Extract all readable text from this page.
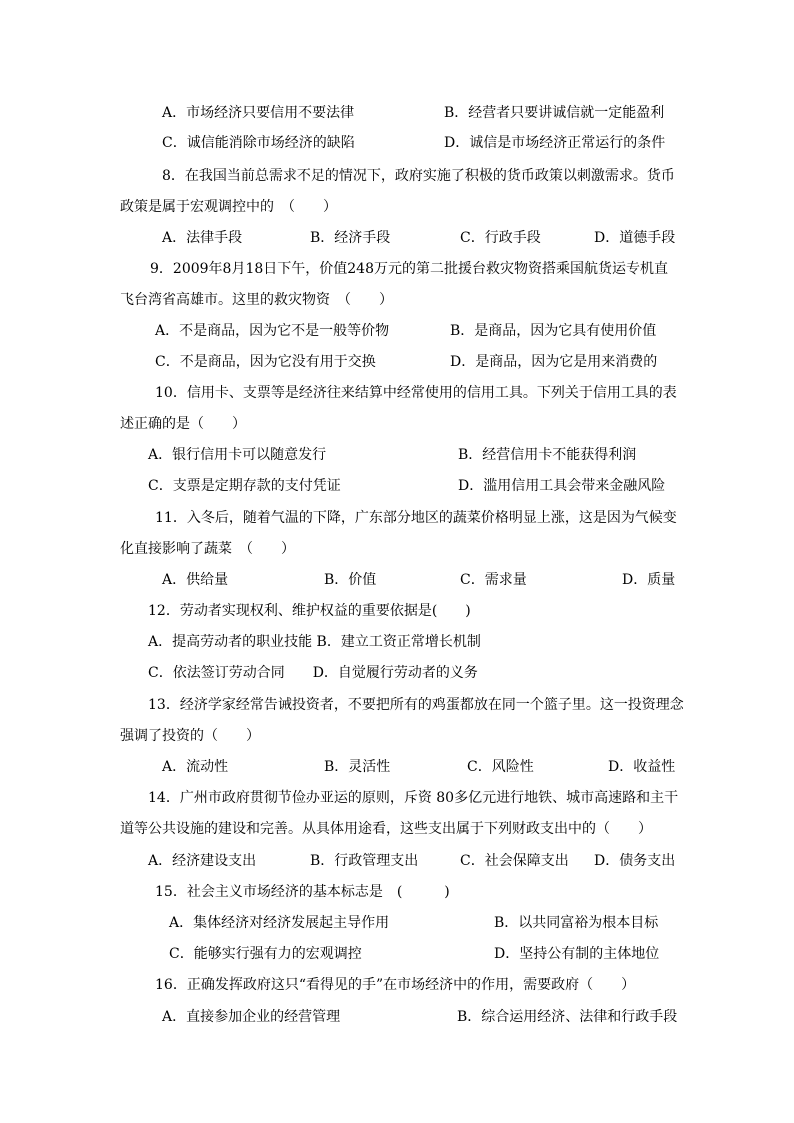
A．市场经济只要信用不要法律	B．经营者只要讲诚信就一定能盈利
C．诚信能消除市场经济的缺陷	D．诚信是市场经济正常运行的条件
8．在我国当前总需求不足的情况下，政府实施了积极的货币政策以刺激需求。货币
政策是属于宏观调控中的　（　　）
A．法律手段	B．经济手段	C．行政手段	D．道德手段
9．2009年8月18日下午，价值248万元的第二批援台救灾物资搭乘国航货运专机直
飞台湾省高雄市。这里的救灾物资　（　　）
A．不是商品，因为它不是一般等价物	B．是商品，因为它具有使用价值
C．不是商品，因为它没有用于交换	D．是商品，因为它是用来消费的
10．信用卡、支票等是经济往来结算中经常使用的信用工具。下列关于信用工具的表
述正确的是（　　）
A．银行信用卡可以随意发行	B．经营信用卡不能获得利润
C．支票是定期存款的支付凭证	D．滥用信用工具会带来金融风险
11．入冬后，随着气温的下降，广东部分地区的蔬菜价格明显上涨，这是因为气候变
化直接影响了蔬菜　（　　）
A．供给量	B．价值	C．需求量	D．质量
12．劳动者实现权利、维护权益的重要依据是(　　)
A．提高劳动者的职业技能 B．建立工资正常增长机制
C．依法签订劳动合同　　D．自觉履行劳动者的义务
13．经济学家经常告诫投资者，不要把所有的鸡蛋都放在同一个篮子里。这一投资理念
强调了投资的（　　）
A．流动性	B．灵活性	C．风险性	D．收益性
14．广州市政府贯彻节俭办亚运的原则，斥资 80多亿元进行地铁、城市高速路和主干
道等公共设施的建设和完善。从具体用途看，这些支出属于下列财政支出中的（　　）
A．经济建设支出	B．行政管理支出	C．社会保障支出 D．债务支出
15．社会主义市场经济的基本标志是　(　　　)
A．集体经济对经济发展起主导作用	B．以共同富裕为根本目标
C．能够实行强有力的宏观调控	D．坚持公有制的主体地位
16．正确发挥政府这只“看得见的手”在市场经济中的作用，需要政府（　　）
A．直接参加企业的经营管理	B．综合运用经济、法律和行政手段
